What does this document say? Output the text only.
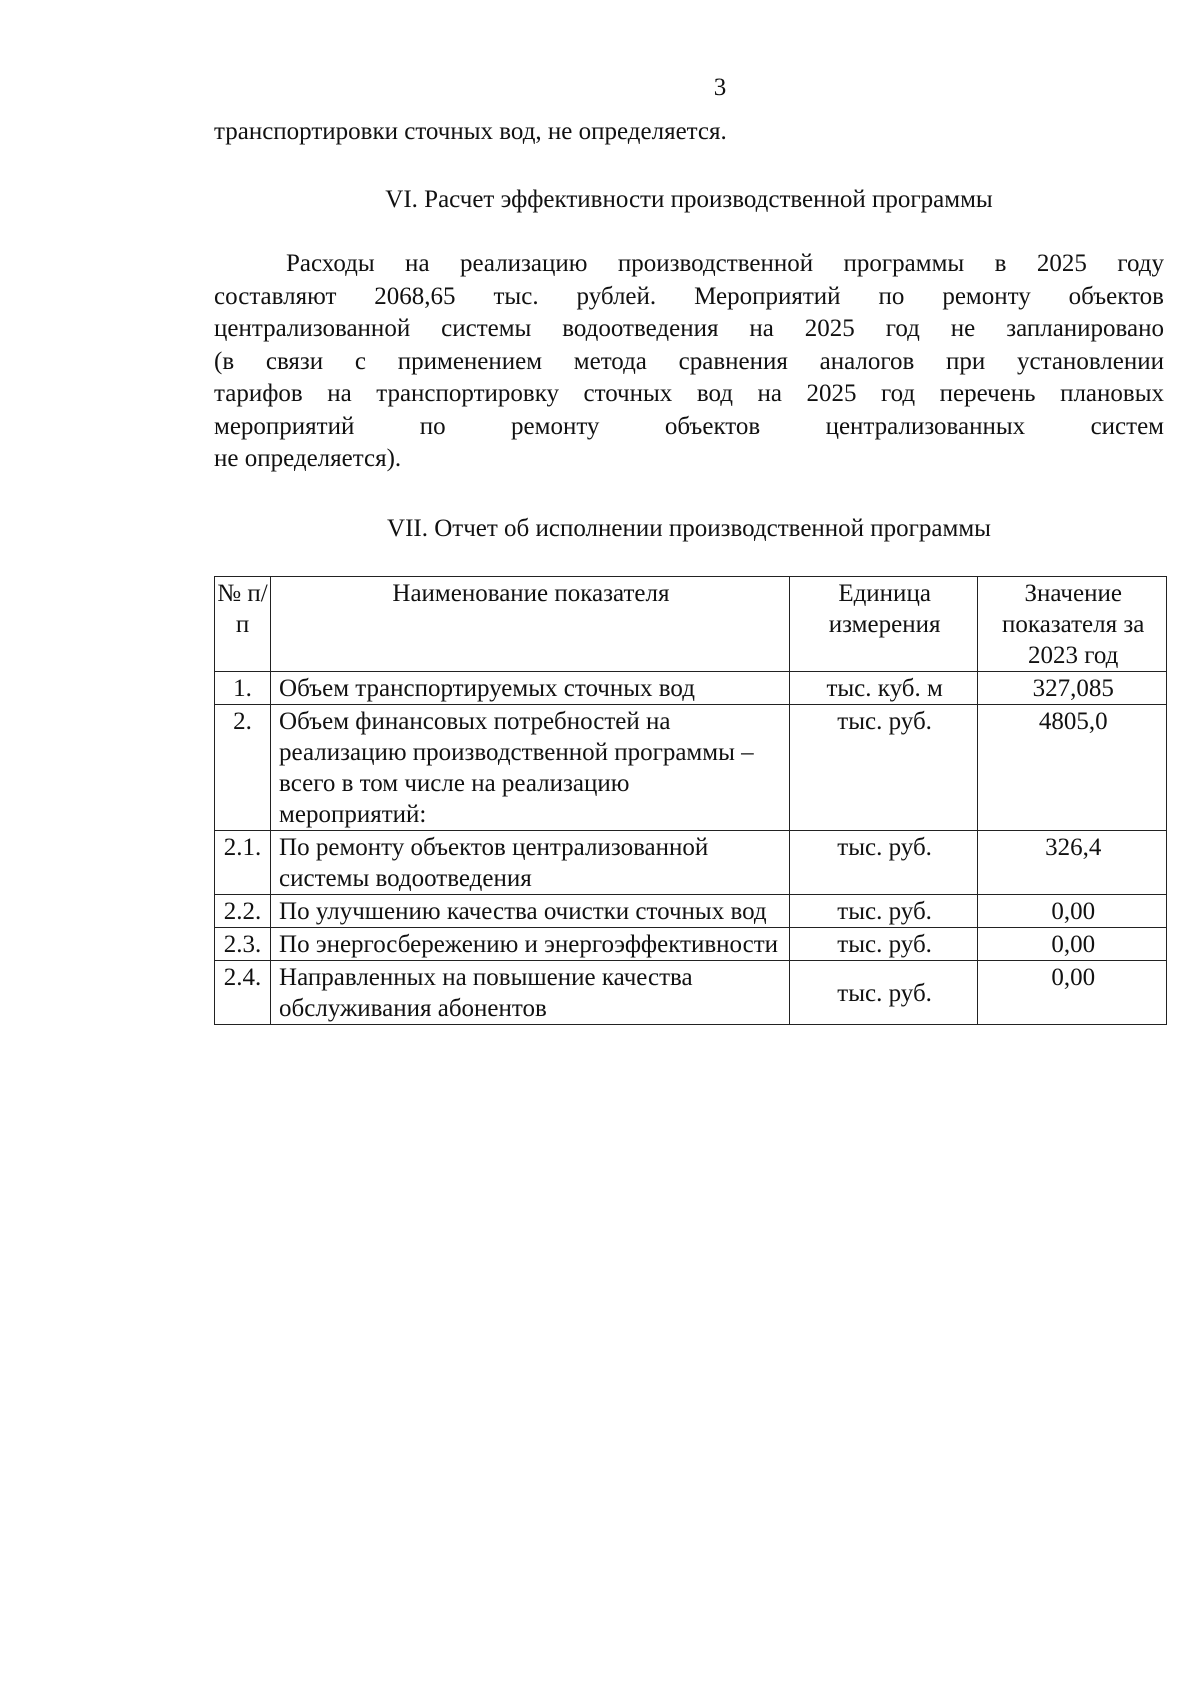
3
транспортировки сточных вод, не определяется.
VI. Расчет эффективности производственной программы
Расходы на реализацию производственной программы в 2025 году
составляют 2068,65 тыс. рублей. Мероприятий по ремонту объектов
централизованной системы водоотведения на 2025 год не запланировано
(в связи с применением метода сравнения аналогов при установлении
тарифов на транспортировку сточных вод на 2025 год перечень плановых
мероприятий по ремонту объектов централизованных систем
не определяется).
VII. Отчет об исполнении производственной программы
№ п/п	Наименование показателя	Единица измерения	Значение показателя за 2023 год
1.	Объем транспортируемых сточных вод	тыс. куб. м	327,085
2.	Объем финансовых потребностей на реализацию производственной программы – всего в том числе на реализацию мероприятий:	тыс. руб.	4805,0
2.1.	По ремонту объектов централизованной системы водоотведения	тыс. руб.	326,4
2.2.	По улучшению качества очистки сточных вод	тыс. руб.	0,00
2.3.	По энергосбережению и энергоэффективности	тыс. руб.	0,00
2.4.	Направленных на повышение качества обслуживания абонентов	тыс. руб.	0,00
